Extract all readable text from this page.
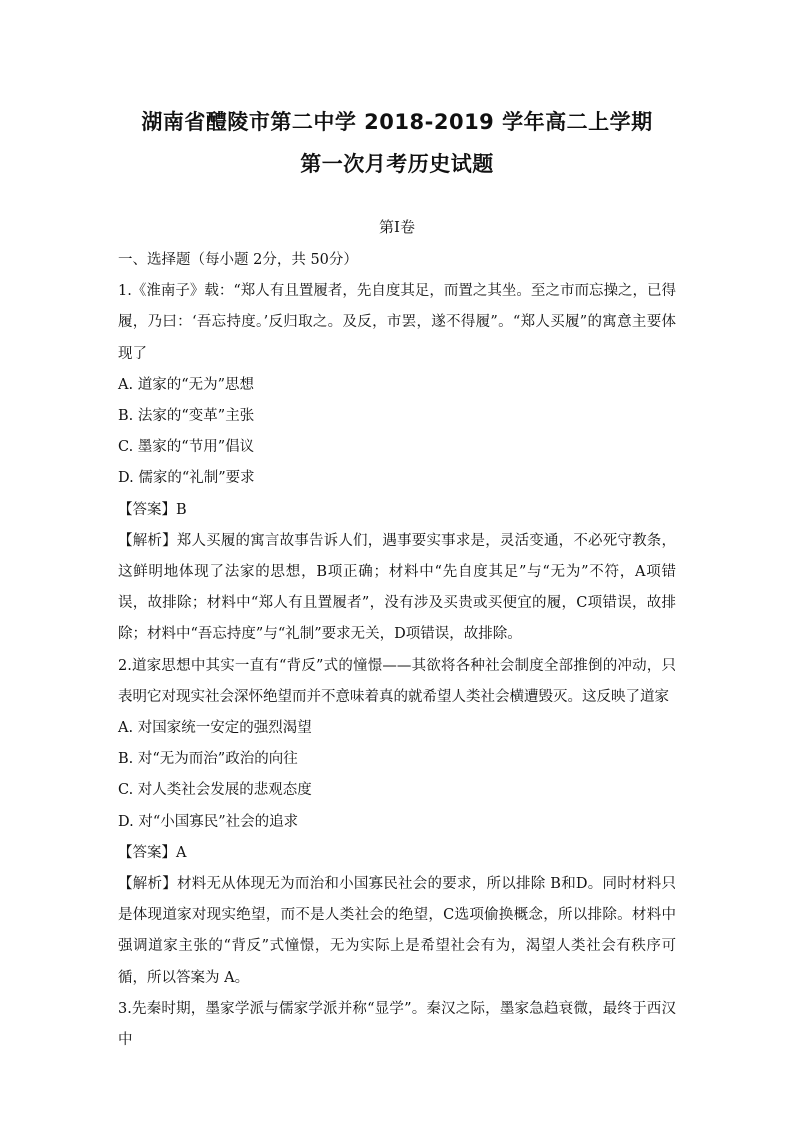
湖南省醴陵市第二中学 2018-2019 学年高二上学期
第一次月考历史试题
第Ⅰ卷

一、选择题（每小题 2分，共 50分）

1.《淮南子》载：“郑人有且置履者，先自度其足，而置之其坐。至之市而忘操之，已得履，乃曰：‘吾忘持度。’反归取之。及反，市罢，遂不得履”。“郑人买履”的寓意主要体现了

A. 道家的“无为”思想

B. 法家的“变革”主张

C. 墨家的“节用”倡议

D. 儒家的“礼制”要求

【答案】B

【解析】郑人买履的寓言故事告诉人们，遇事要实事求是，灵活变通，不必死守教条，这鲜明地体现了法家的思想，B项正确；材料中“先自度其足”与“无为”不符，A项错误，故排除；材料中“郑人有且置履者”，没有涉及买贵或买便宜的履，C项错误，故排除；材料中“吾忘持度”与“礼制”要求无关，D项错误，故排除。

2.道家思想中其实一直有“背反”式的憧憬——其欲将各种社会制度全部推倒的冲动，只表明它对现实社会深怀绝望而并不意味着真的就希望人类社会横遭毁灭。这反映了道家

A. 对国家统一安定的强烈渴望

B. 对“无为而治”政治的向往

C. 对人类社会发展的悲观态度

D. 对“小国寡民”社会的追求

【答案】A

【解析】材料无从体现无为而治和小国寡民社会的要求，所以排除 B和D。同时材料只是体现道家对现实绝望，而不是人类社会的绝望，C选项偷换概念，所以排除。材料中强调道家主张的“背反”式憧憬，无为实际上是希望社会有为，渴望人类社会有秩序可循，所以答案为 A。

3.先秦时期，墨家学派与儒家学派并称“显学”。秦汉之际，墨家急趋衰微，最终于西汉中
